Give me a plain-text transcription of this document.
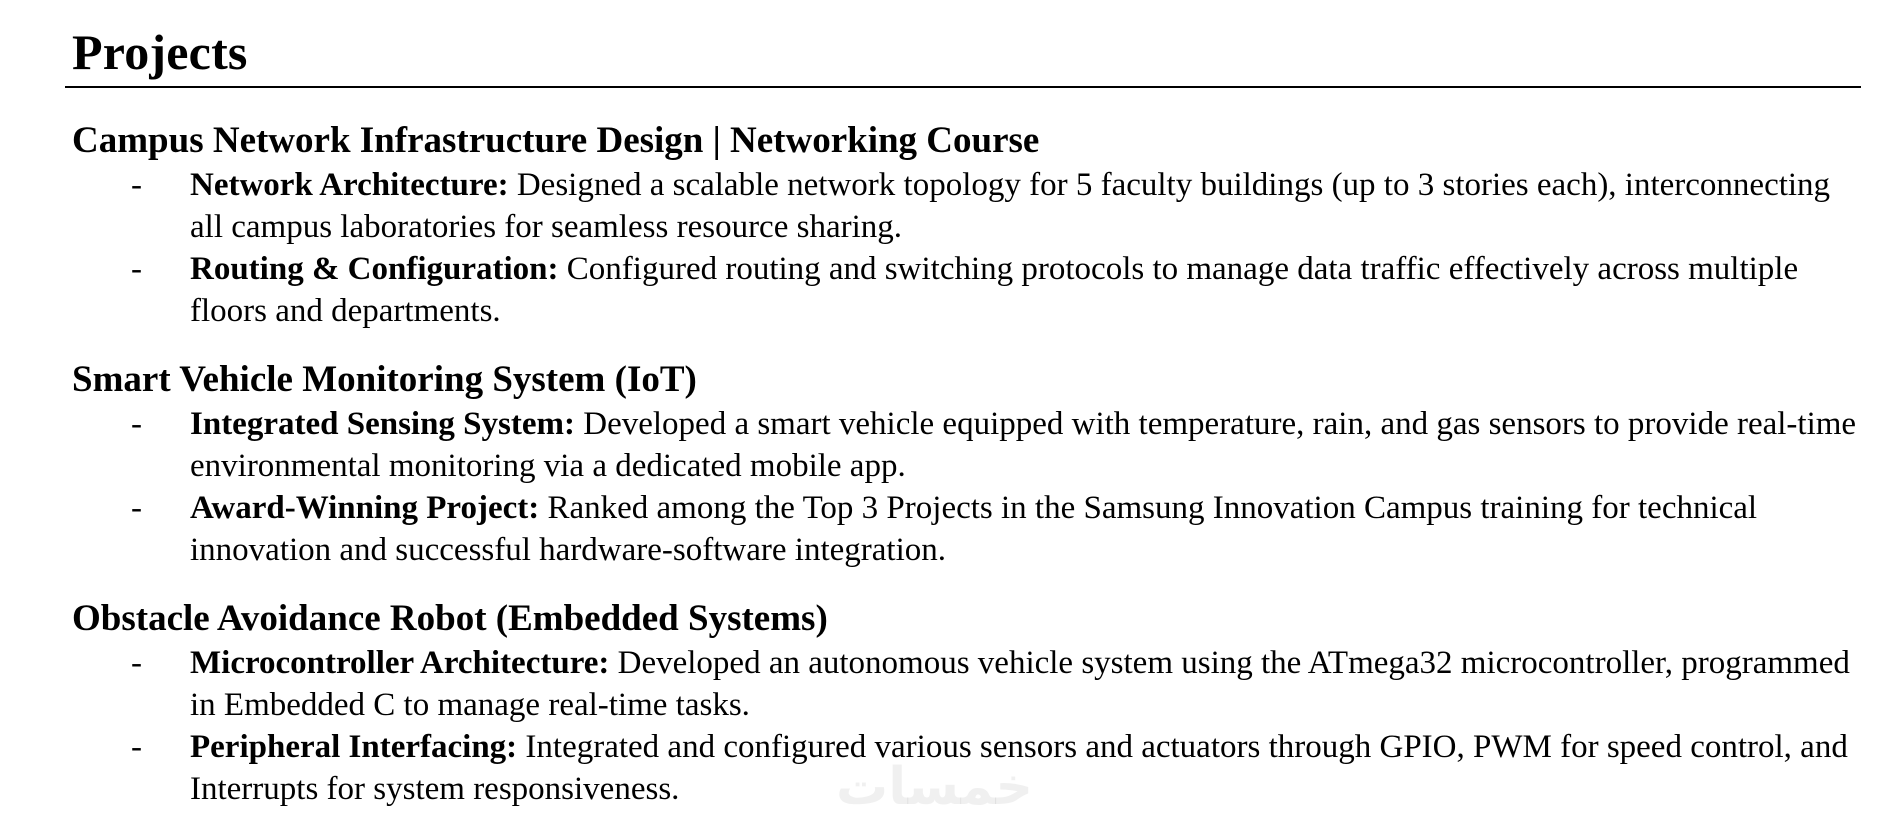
Projects
Campus Network Infrastructure Design | Networking Course
- Network Architecture: Designed a scalable network topology for 5 faculty buildings (up to 3 stories each), interconnecting all campus laboratories for seamless resource sharing.
- Routing & Configuration: Configured routing and switching protocols to manage data traffic effectively across multiple floors and departments.
Smart Vehicle Monitoring System (IoT)
- Integrated Sensing System: Developed a smart vehicle equipped with temperature, rain, and gas sensors to provide real-time environmental monitoring via a dedicated mobile app.
- Award-Winning Project: Ranked among the Top 3 Projects in the Samsung Innovation Campus training for technical innovation and successful hardware-software integration.
Obstacle Avoidance Robot (Embedded Systems)
- Microcontroller Architecture: Developed an autonomous vehicle system using the ATmega32 microcontroller, programmed in Embedded C to manage real-time tasks.
- Peripheral Interfacing: Integrated and configured various sensors and actuators through GPIO, PWM for speed control, and Interrupts for system responsiveness.	خمسات
